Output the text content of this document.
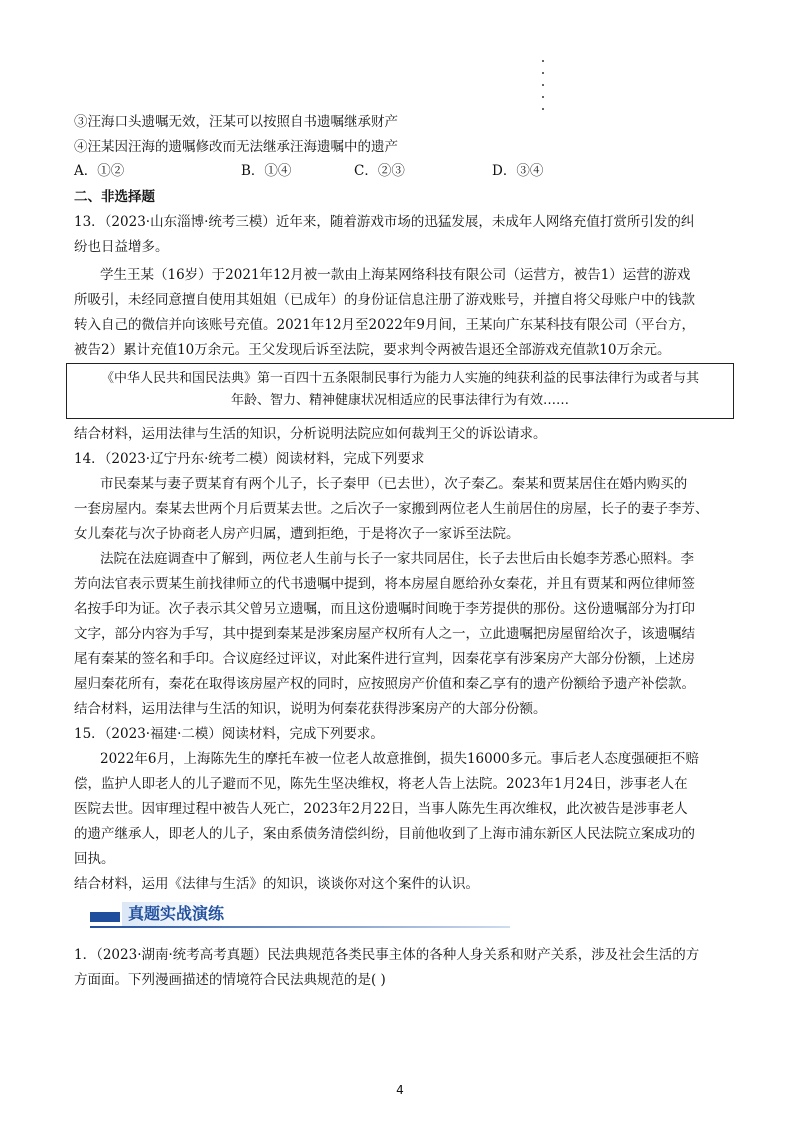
③汪海口头遗嘱无效，汪某可以按照自书遗嘱继承财产
④汪某因汪海的遗嘱修改而无法继承汪海遗嘱中的遗产
A．①②	B．①④	C．②③	D．③④
二、非选择题
13．（2023·山东淄博·统考三模）近年来，随着游戏市场的迅猛发展，未成年人网络充值打赏所引发的纠
纷也日益增多。
学生王某（16岁）于2021年12月被一款由上海某网络科技有限公司（运营方，被告1）运营的游戏
所吸引，未经同意擅自使用其姐姐（已成年）的身份证信息注册了游戏账号，并擅自将父母账户中的钱款
转入自己的微信并向该账号充值。2021年12月至2022年9月间，王某向广东某科技有限公司（平台方，
被告2）累计充值10万余元。王父发现后诉至法院，要求判令两被告退还全部游戏充值款10万余元。
《中华人民共和国民法典》第一百四十五条限制民事行为能力人实施的纯获利益的民事法律行为或者与其
年龄、智力、精神健康状况相适应的民事法律行为有效……
结合材料，运用法律与生活的知识，分析说明法院应如何裁判王父的诉讼请求。
14．（2023·辽宁丹东·统考二模）阅读材料，完成下列要求
市民秦某与妻子贾某育有两个儿子，长子秦甲（已去世），次子秦乙。秦某和贾某居住在婚内购买的
一套房屋内。秦某去世两个月后贾某去世。之后次子一家搬到两位老人生前居住的房屋，长子的妻子李芳、
女儿秦花与次子协商老人房产归属，遭到拒绝，于是将次子一家诉至法院。
法院在法庭调查中了解到，两位老人生前与长子一家共同居住，长子去世后由长媳李芳悉心照料。李
芳向法官表示贾某生前找律师立的代书遗嘱中提到，将本房屋自愿给孙女秦花，并且有贾某和两位律师签
名按手印为证。次子表示其父曾另立遗嘱，而且这份遗嘱时间晚于李芳提供的那份。这份遗嘱部分为打印
文字，部分内容为手写，其中提到秦某是涉案房屋产权所有人之一，立此遗嘱把房屋留给次子，该遗嘱结
尾有秦某的签名和手印。合议庭经过评议，对此案件进行宣判，因秦花享有涉案房产大部分份额，上述房
屋归秦花所有，秦花在取得该房屋产权的同时，应按照房产价值和秦乙享有的遗产份额给予遗产补偿款。
结合材料，运用法律与生活的知识，说明为何秦花获得涉案房产的大部分份额。
15．（2023·福建·二模）阅读材料，完成下列要求。
2022年6月，上海陈先生的摩托车被一位老人故意推倒，损失16000多元。事后老人态度强硬拒不赔
偿，监护人即老人的儿子避而不见，陈先生坚决维权，将老人告上法院。2023年1月24日，涉事老人在
医院去世。因审理过程中被告人死亡，2023年2月22日，当事人陈先生再次维权，此次被告是涉事老人
的遗产继承人，即老人的儿子，案由系债务清偿纠纷，目前他收到了上海市浦东新区人民法院立案成功的
回执。
结合材料，运用《法律与生活》的知识，谈谈你对这个案件的认识。
真题实战演练
1．（2023·湖南·统考高考真题）民法典规范各类民事主体的各种人身关系和财产关系，涉及社会生活的方
方面面。下列漫画描述的情境符合民法典规范的是( )
4
